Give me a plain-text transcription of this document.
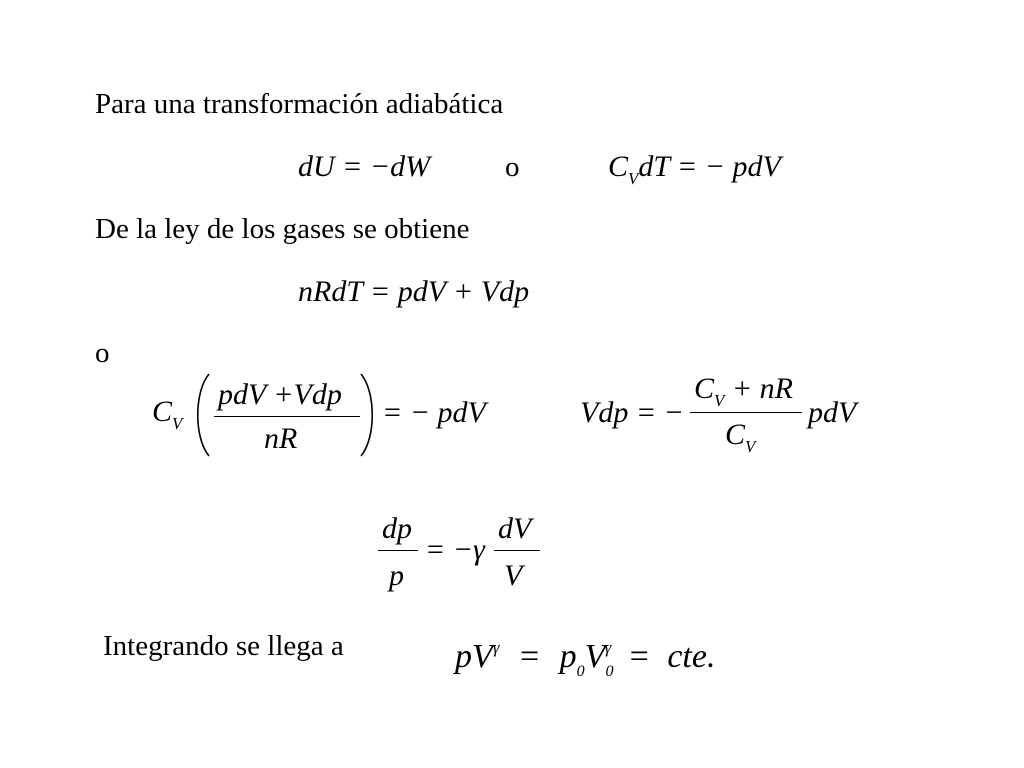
Para una transformación adiabática
dU = −dW	o	$C_VdT$ = − pdV
De la ley de los gases se obtiene
nRdT = pdV + Vdp
o
$C_V$
pdV +Vdp
nR
= − pdV	Vdp = −
$C_V$ + nR
$C_V$
pdV
dp
p
= −γ
dV
V
Integrando se llega a	$pV^\gamma = p_0V_0^\gamma$ = cte.
